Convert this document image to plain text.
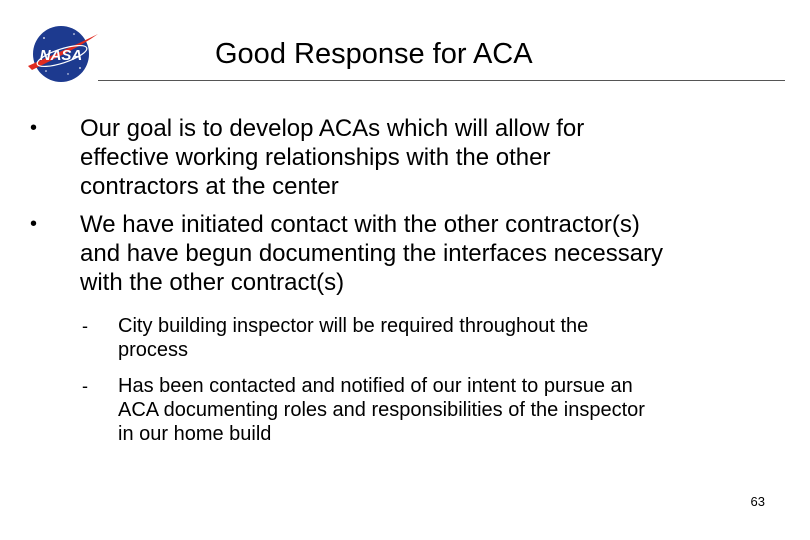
NASA	Good Response for ACA
• Our goal is to develop ACAs which will allow for
effective working relationships with the other
contractors at the center
• We have initiated contact with the other contractor(s)
and have begun documenting the interfaces necessary
with the other contract(s)
- City building inspector will be required throughout the
process
- Has been contacted and notified of our intent to pursue an
ACA documenting roles and responsibilities of the inspector
in our home build
63
